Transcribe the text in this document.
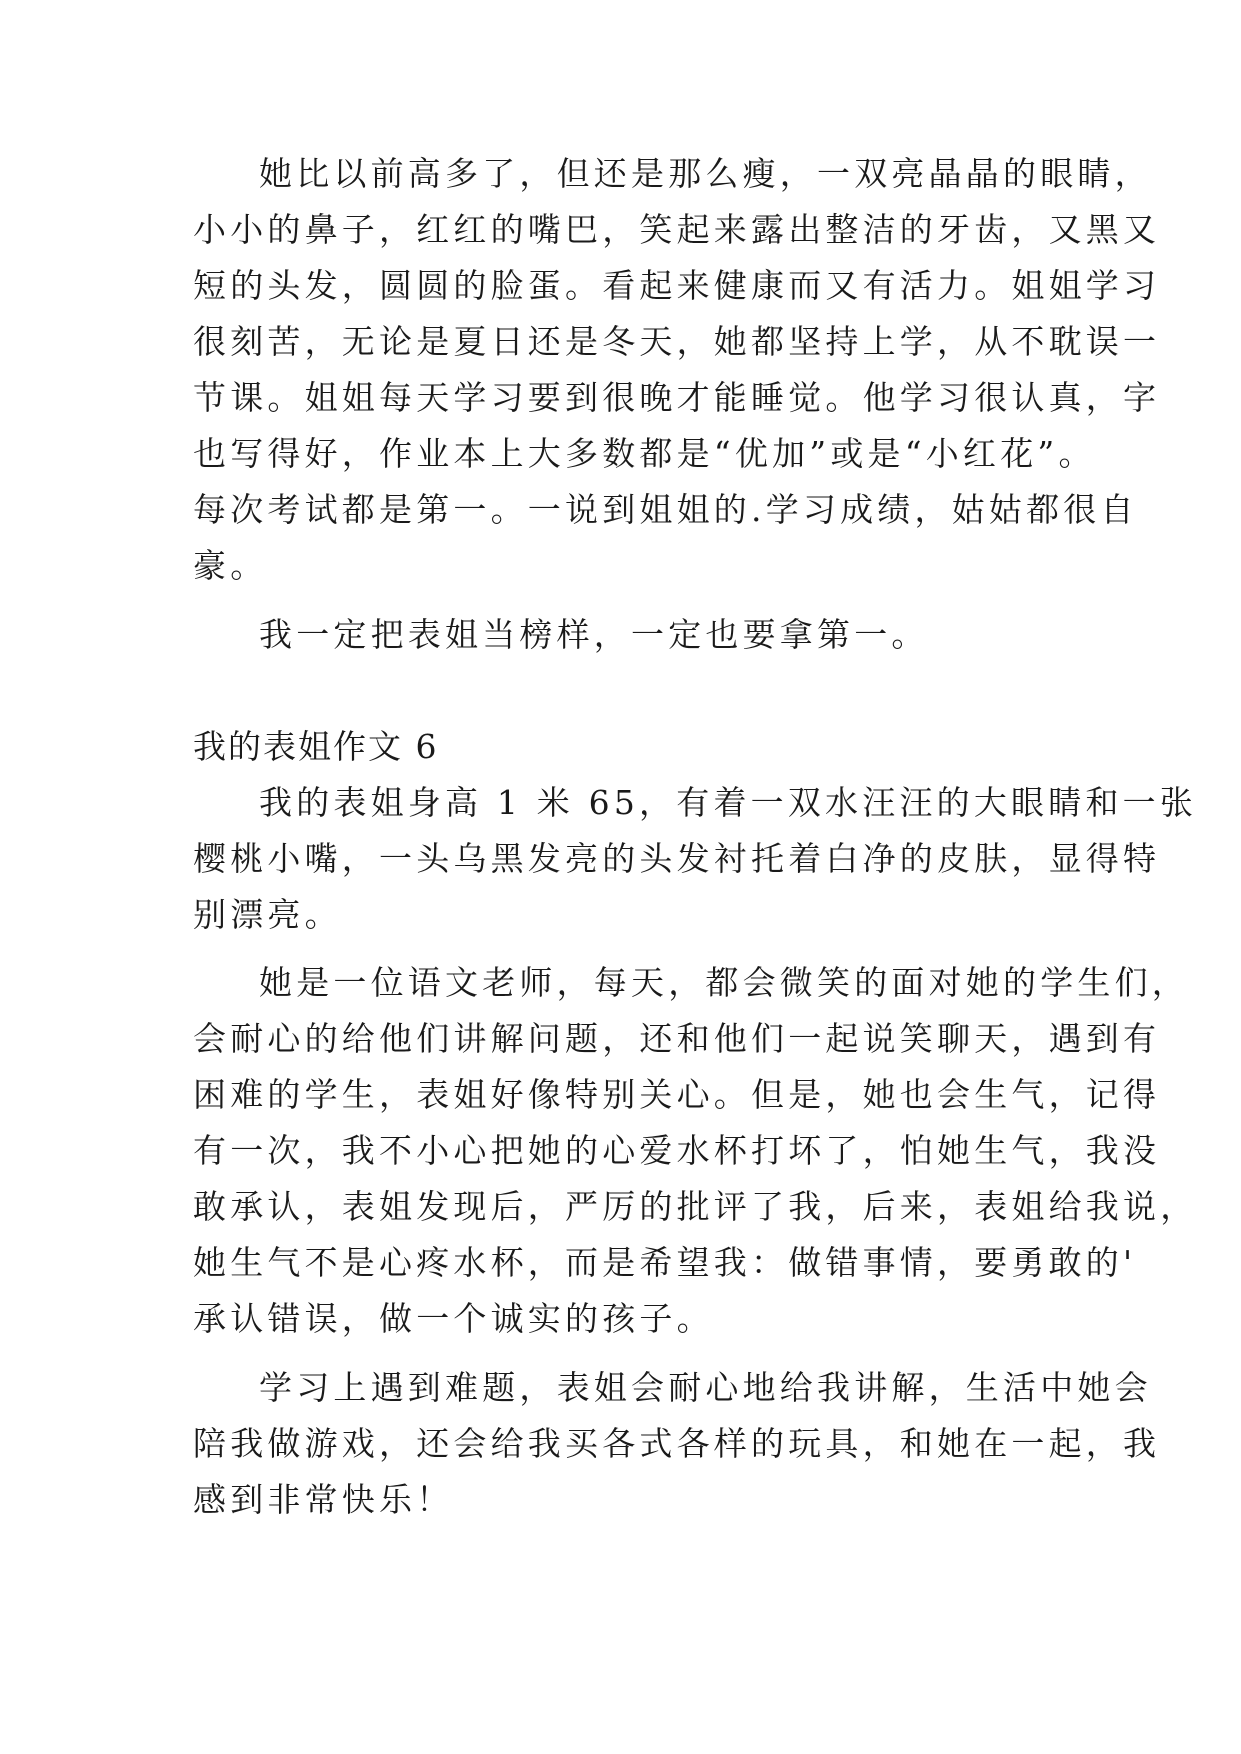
她比以前高多了，但还是那么瘦，一双亮晶晶的眼睛，
小小的鼻子，红红的嘴巴，笑起来露出整洁的牙齿，又黑又
短的头发，圆圆的脸蛋。看起来健康而又有活力。姐姐学习
很刻苦，无论是夏日还是冬天，她都坚持上学，从不耽误一
节课。姐姐每天学习要到很晚才能睡觉。他学习很认真，字
也写得好，作业本上大多数都是“优加”或是“小红花”。
每次考试都是第一。一说到姐姐的.学习成绩，姑姑都很自
豪。
我一定把表姐当榜样，一定也要拿第一。
我的表姐作文 6
我的表姐身高 1 米 65，有着一双水汪汪的大眼睛和一张
樱桃小嘴，一头乌黑发亮的头发衬托着白净的皮肤，显得特
别漂亮。
她是一位语文老师，每天，都会微笑的面对她的学生们，
会耐心的给他们讲解问题，还和他们一起说笑聊天，遇到有
困难的学生，表姐好像特别关心。但是，她也会生气，记得
有一次，我不小心把她的心爱水杯打坏了，怕她生气，我没
敢承认，表姐发现后，严厉的批评了我，后来，表姐给我说，
她生气不是心疼水杯，而是希望我：做错事情，要勇敢的'
承认错误，做一个诚实的孩子。
学习上遇到难题，表姐会耐心地给我讲解，生活中她会
陪我做游戏，还会给我买各式各样的玩具，和她在一起，我
感到非常快乐！
